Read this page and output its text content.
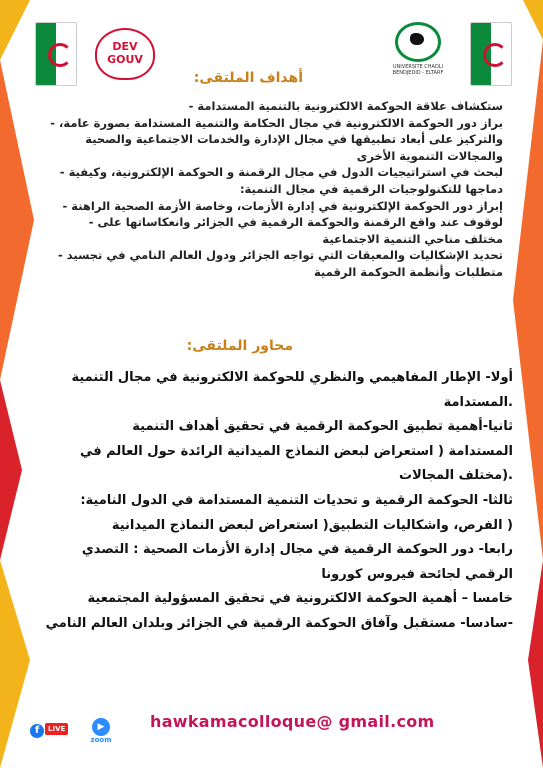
DEV GOUV
UNIVERSITE CHADLI BENDJEDID - ELTARF
أهداف الملتقى:

ستكشاف علاقة الحوكمة الالكترونية بالتنمية المستدامة -

براز دور الحوكمة الالكترونية في مجال الحكامة والتنمية المستدامة بصورة عامة، -

والتركيز على أبعاد تطبيقها في مجال الإدارة والخدمات الاجتماعية والصحية

والمجالات التنموية الأخرى

لبحث في استراتيجيات الدول في مجال الرقمنة و الحوكمة الإلكترونية، وكيفية -

دماجها للتكنولوجيات الرقمية في مجال التنمية:

إبراز دور الحوكمة الإلكترونية في إدارة الأزمات، وخاصة الأزمة الصحية الراهنة -

لوقوف عند واقع الرقمنة والحوكمة الرقمية في الجزائر وانعكاساتها على -

مختلف مناحي التنمية الاجتماعية

تحديد الإشكاليات والمعيقات التي تواجه الجزائر ودول العالم النامي في تجسيد -

متطلبات وأنظمة الحوكمة الرقمية

محاور الملتقى:

أولا- الإطار المفاهيمي والنظري للحوكمة الالكترونية في مجال التنمية

.المستدامة

ثانيا-أهمية تطبيق الحوكمة الرقمية في تحقيق أهداف التنمية

المستدامة ( استعراض لبعض النماذج الميدانية الرائدة حول العالم في

.(مختلف المجالات

ثالثا- الحوكمة الرقمية و تحديات التنمية المستدامة في الدول النامية:

( الفرص، واشكاليات التطبيق( استعراض لبعض النماذج الميدانية

رابعا- دور الحوكمة الرقمية في مجال إدارة الأزمات الصحية : التصدي

الرقمي لجائحة فيروس كورونا

خامسا – أهمية الحوكمة الالكترونية في تحقيق المسؤولية المجتمعية

-سادسا- مستقبل وآفاق الحوكمة الرقمية في الجزائر وبلدان العالم النامي

f	LIVE	▶
zoom
hawkamacolloque@ gmail.com
